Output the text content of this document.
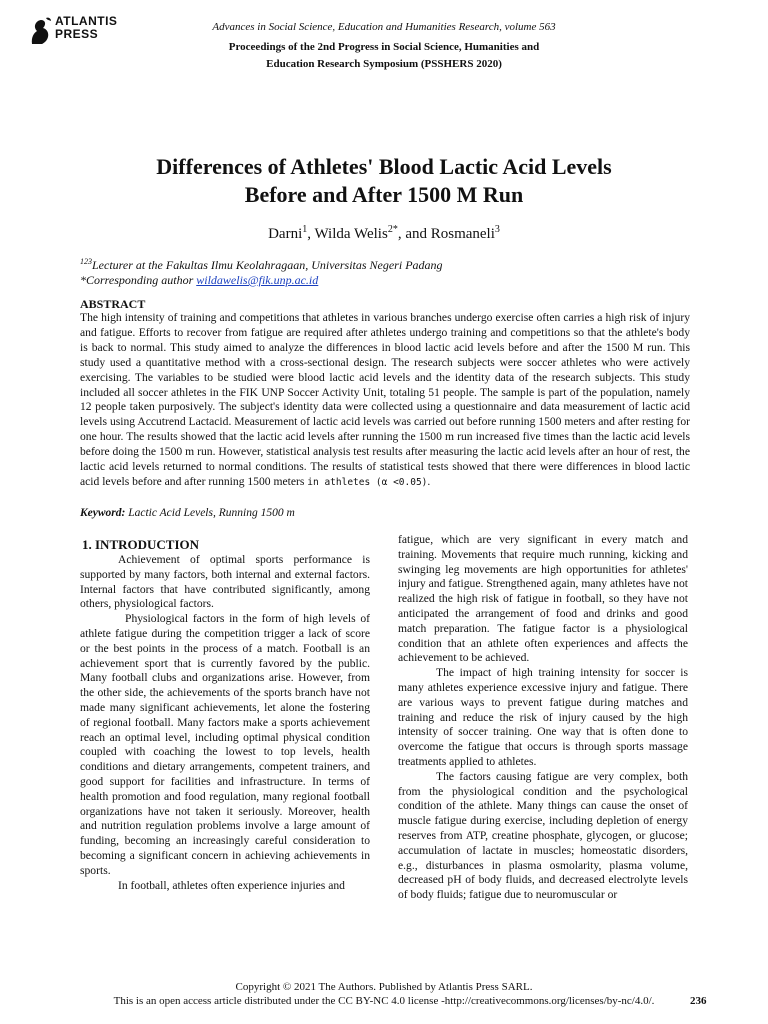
ATLANTIS
PRESS	Advances in Social Science, Education and Humanities Research, volume 563
Proceedings of the 2nd Progress in Social Science, Humanities and
Education Research Symposium (PSSHERS 2020)
Differences of Athletes' Blood Lactic Acid Levels
Before and After 1500 M Run
Darni$^1$, Wilda Welis$^{2*}$, and Rosmaneli$^3$
$^{123}$Lecturer at the Fakultas Ilmu Keolahragaan, Universitas Negeri Padang
*Corresponding author wildawelis@fik.unp.ac.id
ABSTRACT
The high intensity of training and competitions that athletes in various branches undergo exercise often carries a high risk of injury and fatigue. Efforts to recover from fatigue are required after athletes undergo training and competitions so that the athlete's body is back to normal. This study aimed to analyze the differences in blood lactic acid levels before and after the 1500 M run. This study used a quantitative method with a cross-sectional design. The research subjects were soccer athletes who were actively exercising. The variables to be studied were blood lactic acid levels and the identity data of the research subjects. This study included all soccer athletes in the FIK UNP Soccer Activity Unit, totaling 51 people. The sample is part of the population, namely 12 people taken purposively. The subject's identity data were collected using a questionnaire and data measurement of lactic acid levels using Accutrend Lactacid. Measurement of lactic acid levels was carried out before running 1500 meters and after resting for one hour. The results showed that the lactic acid levels after running the 1500 m run increased five times than the lactic acid levels before doing the 1500 m run. However, statistical analysis test results after measuring the lactic acid levels after an hour of rest, the lactic acid levels returned to normal conditions. The results of statistical tests showed that there were differences in blood lactic acid levels before and after running 1500 meters in athletes (α <0.05).
Keyword: Lactic Acid Levels, Running 1500 m
1. INTRODUCTION

Achievement of optimal sports performance is supported by many factors, both internal and external factors. Internal factors that have contributed significantly, among others, physiological factors.

Physiological factors in the form of high levels of athlete fatigue during the competition trigger a lack of score or the best points in the process of a match. Football is an achievement sport that is currently favored by the public. Many football clubs and organizations arise. However, from the other side, the achievements of the sports branch have not made many significant achievements, let alone the fostering of regional football. Many factors make a sports achievement reach an optimal level, including optimal physical condition coupled with coaching the lowest to top levels, health conditions and dietary arrangements, competent trainers, and good support for facilities and infrastructure. In terms of health promotion and food regulation, many regional football organizations have not taken it seriously. Moreover, health and nutrition regulation problems involve a large amount of funding, becoming an increasingly careful consideration to becoming a significant concern in achieving achievements in sports.

In football, athletes often experience injuries and

fatigue, which are very significant in every match and training. Movements that require much running, kicking and swinging leg movements are high opportunities for athletes' injury and fatigue. Strengthened again, many athletes have not realized the high risk of fatigue in football, so they have not anticipated the arrangement of food and drinks and good match preparation. The fatigue factor is a physiological condition that an athlete often experiences and affects the achievement to be achieved.

The impact of high training intensity for soccer is many athletes experience excessive injury and fatigue. There are various ways to prevent fatigue during matches and training and reduce the risk of injury caused by the high intensity of soccer training. One way that is often done to overcome the fatigue that occurs is through sports massage treatments applied to athletes.

The factors causing fatigue are very complex, both from the physiological condition and the psychological condition of the athlete. Many things can cause the onset of muscle fatigue during exercise, including depletion of energy reserves from ATP, creatine phosphate, glycogen, or glucose; accumulation of lactate in muscles; homeostatic disorders, e.g., disturbances in plasma osmolarity, plasma volume, decreased pH of body fluids, and decreased electrolyte levels of body fluids; fatigue due to neuromuscular or

Copyright © 2021 The Authors. Published by Atlantis Press SARL.
This is an open access article distributed under the CC BY-NC 4.0 license -http://creativecommons.org/licenses/by-nc/4.0/.	236
